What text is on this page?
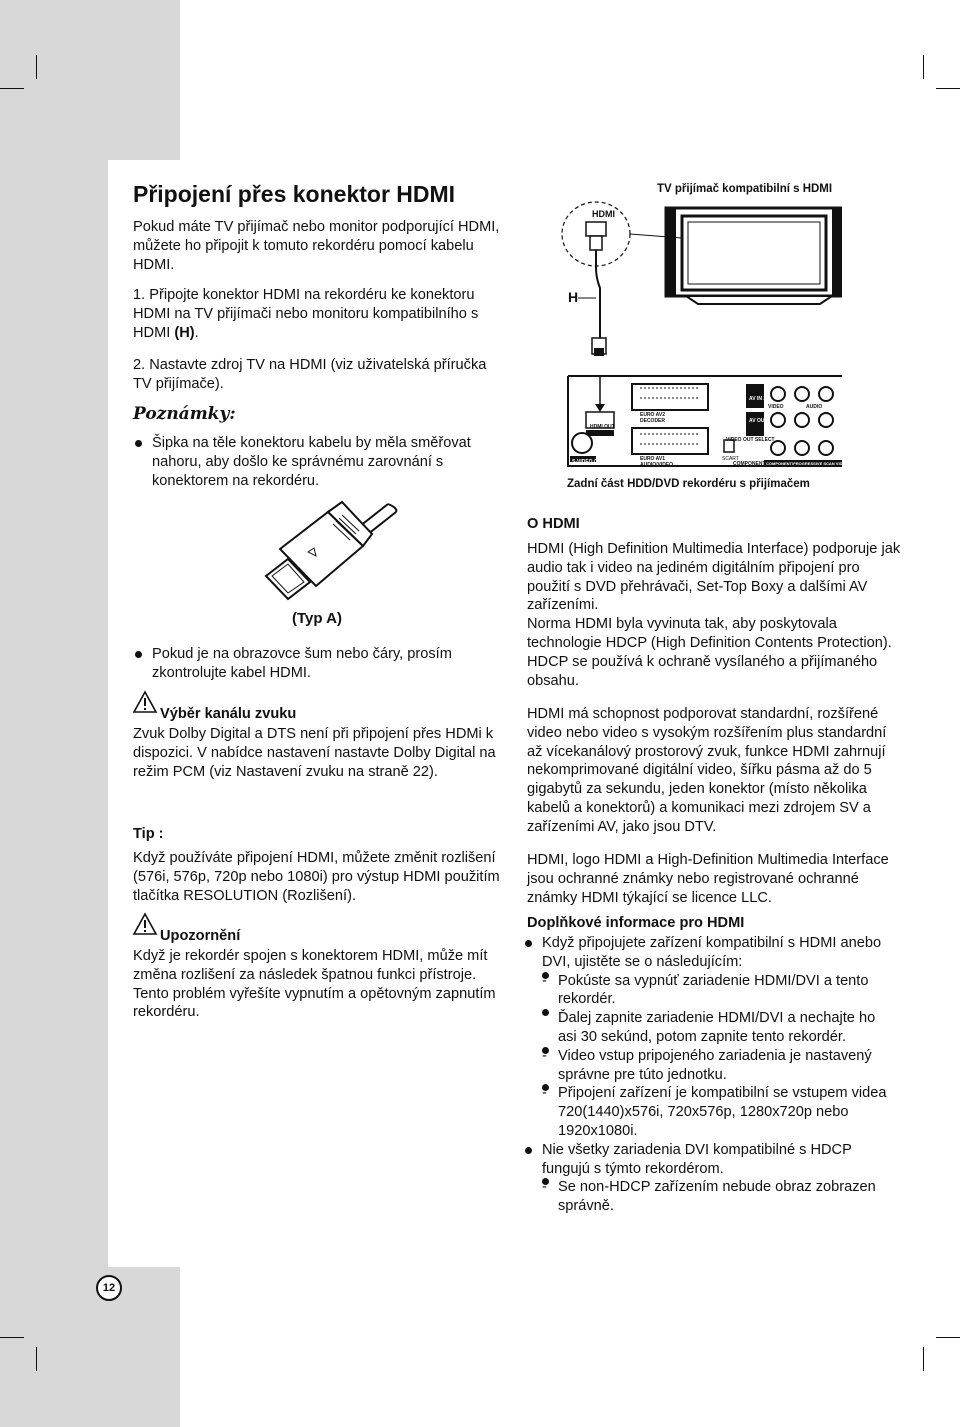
Připojení přes konektor HDMI

Pokud máte TV přijímač nebo monitor podporující HDMI, můžete ho připojit k tomuto rekordéru pomocí kabelu HDMI.

1. Připojte konektor HDMI na rekordéru ke konektoru HDMI na TV přijímači nebo monitoru kompatibilního s HDMI (H).
2. Nastavte zdroj TV na HDMI (viz uživatelská příručka TV přijímače).
Poznámky:
Šipka na těle konektoru kabelu by měla směřovat nahoru, aby došlo ke správnému zarovnání s konektorem na rekordéru.
(Typ A)
Pokud je na obrazovce šum nebo čáry, prosím zkontrolujte kabel HDMI.
Výběr kanálu zvuku

Zvuk Dolby Digital a DTS není při připojení přes HDMi k dispozici. V nabídce nastavení nastavte Dolby Digital na režim PCM (viz Nastavení zvuku na straně 22).

Tip :

Když používáte připojení HDMI, můžete změnit rozlišení (576i, 576p, 720p nebo 1080i) pro výstup HDMI použitím tlačítka RESOLUTION (Rozlišení).

Upozornění

Když je rekordér spojen s konektorem HDMI, může mít změna rozlišení za následek špatnou funkci přístroje. Tento problém vyřešíte vypnutím a opětovným zapnutím rekordéru.

TV přijímač kompatibilní s HDMI
HDMI
H
HDMI OUT
S-VIDEO OUT
EURO AV2 DECODER
EURO AV1 AUDIO/VIDEO
AV IN 2
AV OUT
VIDEO	AUDIO
VIDEO OUT SELECT
SCART
COMPONENT COMPONENT/PROGRESSIVE SCAN VIDEO
Zadní část HDD/DVD rekordéru s přijímačem
O HDMI
HDMI (High Definition Multimedia Interface) podporuje jak audio tak i video na jediném digitálním připojení pro použití s DVD přehrávači, Set-Top Boxy a dalšími AV zařízeními.
Norma HDMI byla vyvinuta tak, aby poskytovala technologie HDCP (High Definition Contents Protection). HDCP se používá k ochraně vysílaného a přijímaného obsahu.

HDMI má schopnost podporovat standardní, rozšířené video nebo video s vysokým rozšířením plus standardní až vícekanálový prostorový zvuk, funkce HDMI zahrnují nekomprimované digitální video, šířku pásma až do 5 gigabytů za sekundu, jeden konektor (místo několika kabelů a konektorů) a komunikaci mezi zdrojem SV a zařízeními AV, jako jsou DTV.

HDMI, logo HDMI a High-Definition Multimedia Interface jsou ochranné známky nebo registrované ochranné známky HDMI týkající se licence LLC.

Doplňkové informace pro HDMI
Když připojujete zařízení kompatibilní s HDMI anebo DVI, ujistěte se o následujícím:
- Pokúste sa vypnúť zariadenie HDMI/DVI a tento rekordér.
Ďalej zapnite zariadenie HDMI/DVI a nechajte ho asi 30 sekúnd, potom zapnite tento rekordér.
- Video vstup pripojeného zariadenia je nastavený správne pre túto jednotku.
- Připojení zařízení je kompatibilní se vstupem videa 720(1440)x576i, 720x576p, 1280x720p nebo 1920x1080i.
Nie všetky zariadenia DVI kompatibilné s HDCP fungujú s týmto rekordérom.
- Se non-HDCP zařízením nebude obraz zobrazen správně.
12
